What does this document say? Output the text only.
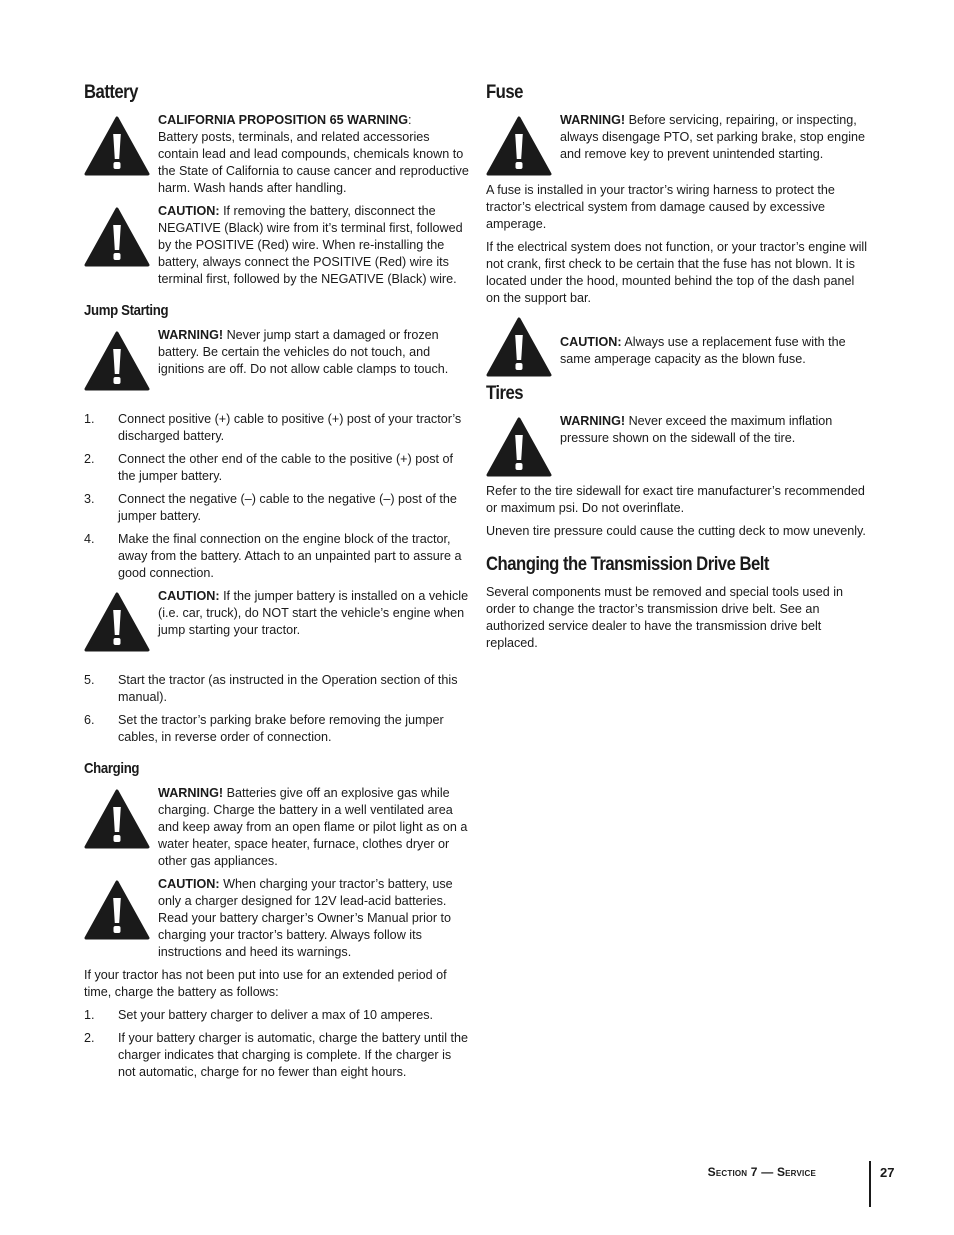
Battery
CALIFORNIA PROPOSITION 65 WARNING:
Battery posts, terminals, and related accessories contain lead and lead compounds, chemicals known to the State of California to cause cancer and reproductive harm. Wash hands after handling.
CAUTION: If removing the battery, disconnect the NEGATIVE (Black) wire from it’s terminal first, followed by the POSITIVE (Red) wire. When re-installing the battery, always connect the POSITIVE (Red) wire its terminal first, followed by the NEGATIVE (Black) wire.
Jump Starting
WARNING! Never jump start a damaged or frozen battery. Be certain the vehicles do not touch, and ignitions are off. Do not allow cable clamps to touch.
1.	Connect positive (+) cable to positive (+) post of your tractor’s discharged battery.
2.	Connect the other end of the cable to the positive (+) post of the jumper battery.
3.	Connect the negative (–) cable to the negative (–) post of the jumper battery.
4.	Make the final connection on the engine block of the tractor, away from the battery. Attach to an unpainted part to assure a good connection.
CAUTION: If the jumper battery is installed on a vehicle (i.e. car, truck), do NOT start the vehicle’s engine when jump starting your tractor.
5.	Start the tractor (as instructed in the Operation section of this manual).
6.	Set the tractor’s parking brake before removing the jumper cables, in reverse order of connection.
Charging
WARNING! Batteries give off an explosive gas while charging. Charge the battery in a well ventilated area and keep away from an open flame or pilot light as on a water heater, space heater, furnace, clothes dryer or other gas appliances.
CAUTION: When charging your tractor’s battery, use only a charger designed for 12V lead-acid batteries. Read your battery charger’s Owner’s Manual prior to charging your tractor’s battery. Always follow its instructions and heed its warnings.

If your tractor has not been put into use for an extended period of time, charge the battery as follows:

1.	Set your battery charger to deliver a max of 10 amperes.
2.	If your battery charger is automatic, charge the battery until the charger indicates that charging is complete. If the charger is not automatic, charge for no fewer than eight hours.
Fuse
WARNING! Before servicing, repairing, or inspecting, always disengage PTO, set parking brake, stop engine and remove key to prevent unintended starting.

A fuse is installed in your tractor’s wiring harness to protect the tractor’s electrical system from damage caused by excessive amperage.

If the electrical system does not function, or your tractor’s engine will not crank, first check to be certain that the fuse has not blown. It is located under the hood, mounted behind the top of the dash panel on the support bar.

CAUTION: Always use a replacement fuse with the same amperage capacity as the blown fuse.
Tires
WARNING! Never exceed the maximum inflation pressure shown on the sidewall of the tire.

Refer to the tire sidewall for exact tire manufacturer’s recommended or maximum psi. Do not overinflate.

Uneven tire pressure could cause the cutting deck to mow unevenly.

Changing the Transmission Drive Belt

Several components must be removed and special tools used in order to change the tractor’s transmission drive belt. See an authorized service dealer to have the transmission drive belt replaced.

Section 7 — Service	27
